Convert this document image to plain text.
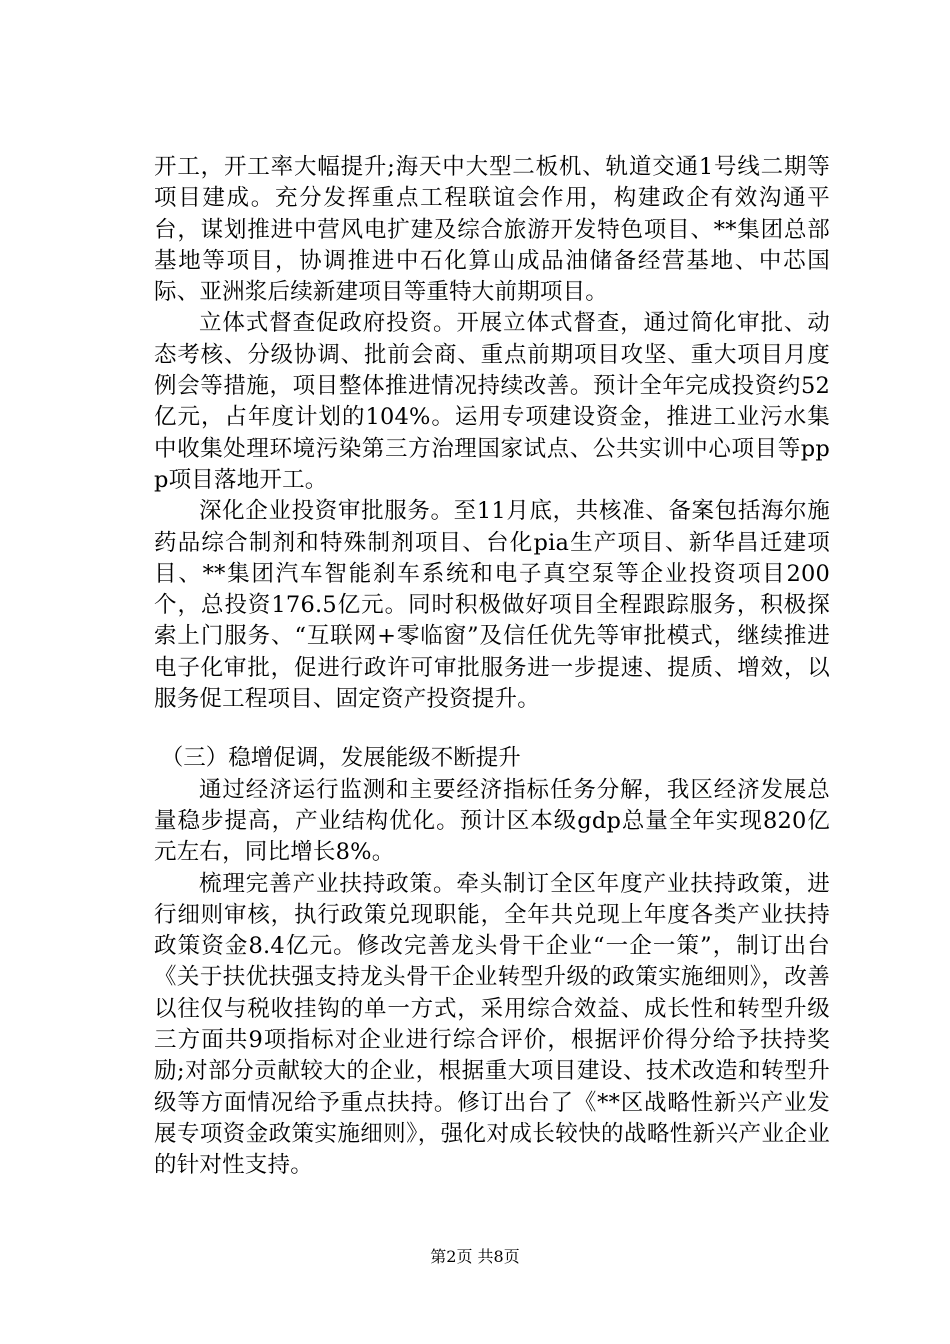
开工，开工率大幅提升;海天中大型二板机、轨道交通1号线二期等项目建成。充分发挥重点工程联谊会作用，构建政企有效沟通平台，谋划推进中营风电扩建及综合旅游开发特色项目、**集团总部基地等项目，协调推进中石化算山成品油储备经营基地、中芯国际、亚洲浆后续新建项目等重特大前期项目。

立体式督查促政府投资。开展立体式督查，通过简化审批、动态考核、分级协调、批前会商、重点前期项目攻坚、重大项目月度例会等措施，项目整体推进情况持续改善。预计全年完成投资约52亿元，占年度计划的104%。运用专项建设资金，推进工业污水集中收集处理环境污染第三方治理国家试点、公共实训中心项目等ppp项目落地开工。

深化企业投资审批服务。至11月底，共核准、备案包括海尔施药品综合制剂和特殊制剂项目、台化pia生产项目、新华昌迁建项目、**集团汽车智能刹车系统和电子真空泵等企业投资项目200个，总投资176.5亿元。同时积极做好项目全程跟踪服务，积极探索上门服务、“互联网+零临窗”及信任优先等审批模式，继续推进电子化审批，促进行政许可审批服务进一步提速、提质、增效，以服务促工程项目、固定资产投资提升。

（三）稳增促调，发展能级不断提升

通过经济运行监测和主要经济指标任务分解，我区经济发展总量稳步提高，产业结构优化。预计区本级gdp总量全年实现820亿元左右，同比增长8%。

梳理完善产业扶持政策。牵头制订全区年度产业扶持政策，进行细则审核，执行政策兑现职能，全年共兑现上年度各类产业扶持政策资金8.4亿元。修改完善龙头骨干企业“一企一策”，制订出台《关于扶优扶强支持龙头骨干企业转型升级的政策实施细则》，改善以往仅与税收挂钩的单一方式，采用综合效益、成长性和转型升级三方面共9项指标对企业进行综合评价，根据评价得分给予扶持奖励;对部分贡献较大的企业，根据重大项目建设、技术改造和转型升级等方面情况给予重点扶持。修订出台了《**区战略性新兴产业发展专项资金政策实施细则》，强化对成长较快的战略性新兴产业企业的针对性支持。

第2页 共8页
